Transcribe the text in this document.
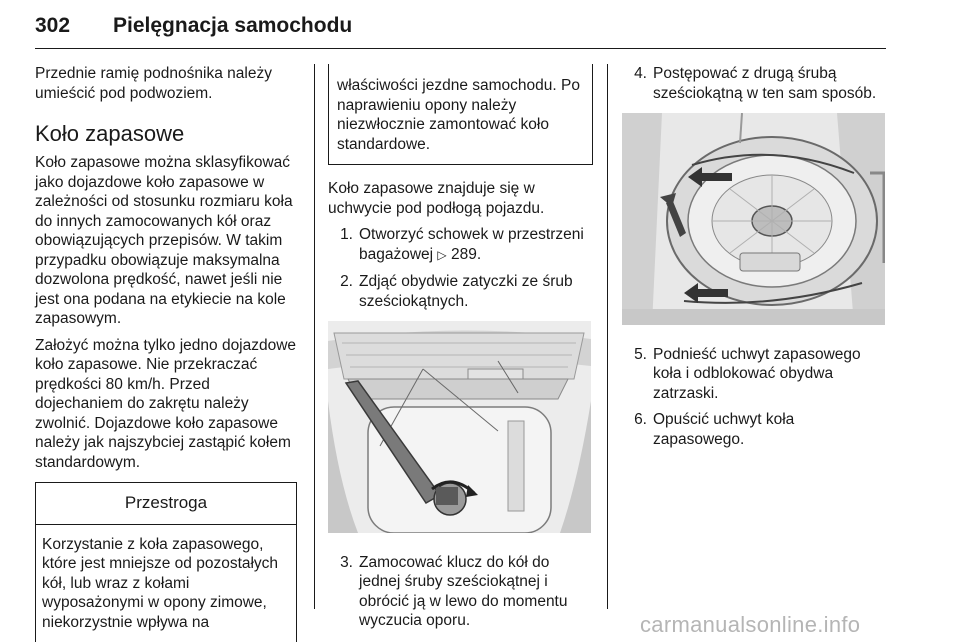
302 Pielęgnacja samochodu

Przednie ramię podnośnika należy umieścić pod podwoziem.

Koło zapasowe

Koło zapasowe można sklasyfikować jako dojazdowe koło zapasowe w zależności od stosunku rozmiaru koła do innych zamocowanych kół oraz obowiązujących przepisów. W takim przypadku obowiązuje maksymalna dozwolona prędkość, nawet jeśli nie jest ona podana na etykiecie na kole zapasowym.

Założyć można tylko jedno dojazdowe koło zapasowe. Nie przekraczać prędkości 80 km/h. Przed dojechaniem do zakrętu należy zwolnić. Dojazdowe koło zapasowe należy jak najszybciej zastąpić kołem standardowym.

Przestroga
Korzystanie z koła zapasowego, które jest mniejsze od pozostałych kół, lub wraz z kołami wyposażonymi w opony zimowe, niekorzystnie wpływa na
właściwości jezdne samochodu. Po naprawieniu opony należy niezwłocznie zamontować koło standardowe.

Koło zapasowe znajduje się w uchwycie pod podłogą pojazdu.

1. Otworzyć schowek w przestrzeni bagażowej ▷ 289.
2. Zdjąć obydwie zatyczki ze śrub sześciokątnych.
3. Zamocować klucz do kół do jednej śruby sześciokątnej i obrócić ją w lewo do momentu wyczucia oporu.
4. Postępować z drugą śrubą sześciokątną w ten sam sposób.
5. Podnieść uchwyt zapasowego koła i odblokować obydwa zatrzaski.
6. Opuścić uchwyt koła zapasowego.
carmanualsonline.info
